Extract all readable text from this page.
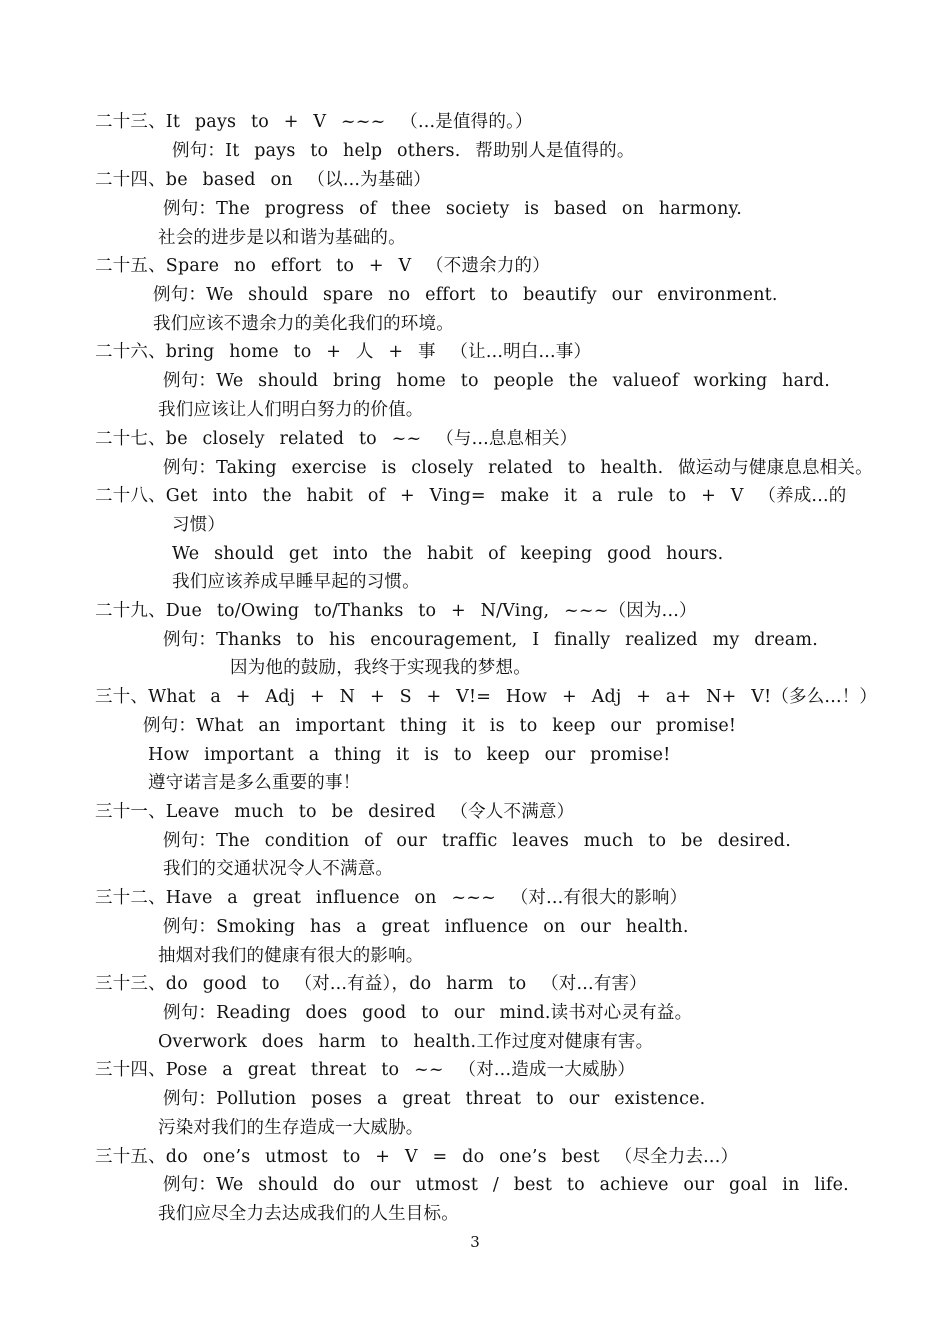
二十三、It pays to + V ~~~ （...是值得的。）
例句：It pays to help others. 帮助别人是值得的。
二十四、be based on （以...为基础）
例句：The progress of thee society is based on harmony.
社会的进步是以和谐为基础的。
二十五、Spare no effort to + V （不遗余力的）
例句：We should spare no effort to beautify our environment.
我们应该不遗余力的美化我们的环境。
二十六、bring home to + 人 + 事 （让...明白...事）
例句：We should bring home to people the valueof working hard.
我们应该让人们明白努力的价值。
二十七、be closely related to ~~ （与...息息相关）
例句：Taking exercise is closely related to health. 做运动与健康息息相关。
二十八、Get into the habit of + Ving= make it a rule to + V （养成...的
习惯）
We should get into the habit of keeping good hours.
我们应该养成早睡早起的习惯。
二十九、Due to/Owing to/Thanks to + N/Ving, ~~~（因为...）
例句：Thanks to his encouragement, I finally realized my dream.
因为他的鼓励，我终于实现我的梦想。
三十、What a + Adj + N + S + V!= How + Adj + a+ N+ V!（多么...！）
例句：What an important thing it is to keep our promise!
How important a thing it is to keep our promise!
遵守诺言是多么重要的事！
三十一、Leave much to be desired （令人不满意）
例句：The condition of our traffic leaves much to be desired.
我们的交通状况令人不满意。
三十二、Have a great influence on ~~~ （对...有很大的影响）
例句：Smoking has a great influence on our health.
抽烟对我们的健康有很大的影响。
三十三、do good to （对...有益），do harm to （对...有害）
例句：Reading does good to our mind.读书对心灵有益。
Overwork does harm to health.工作过度对健康有害。
三十四、Pose a great threat to ~~ （对...造成一大威胁）
例句：Pollution poses a great threat to our existence.
污染对我们的生存造成一大威胁。
三十五、do one’s utmost to + V = do one’s best （尽全力去...）
例句：We should do our utmost / best to achieve our goal in life.
我们应尽全力去达成我们的人生目标。
3
